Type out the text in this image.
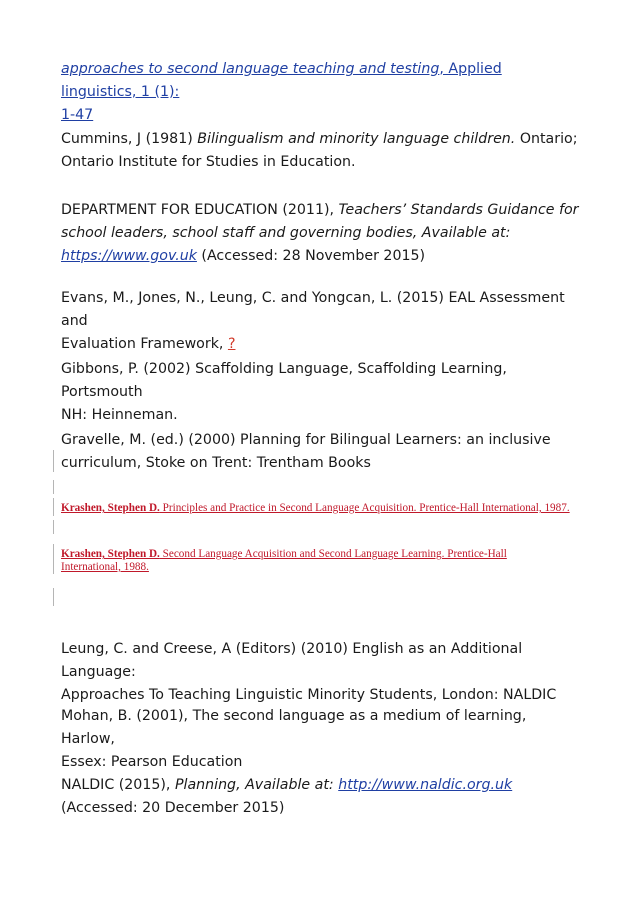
approaches to second language teaching and testing, Applied linguistics, 1 (1):
1-47

Cummins, J (1981) Bilingualism and minority language children. Ontario;
Ontario Institute for Studies in Education.

DEPARTMENT FOR EDUCATION (2011), Teachers’ Standards Guidance for
school leaders, school staff and governing bodies, Available at:
https://www.gov.uk (Accessed: 28 November 2015)

Evans, M., Jones, N., Leung, C. and Yongcan, L. (2015) EAL Assessment and
Evaluation Framework, ?

Gibbons, P. (2002) Scaffolding Language, Scaffolding Learning, Portsmouth
NH: Heinneman.

Gravelle, M. (ed.) (2000) Planning for Bilingual Learners: an inclusive
curriculum, Stoke on Trent: Trentham Books

Krashen, Stephen D. Principles and Practice in Second Language Acquisition. Prentice-Hall International, 1987.

Krashen, Stephen D. Second Language Acquisition and Second Language Learning. Prentice-Hall
International, 1988.

Leung, C. and Creese, A (Editors) (2010) English as an Additional Language:
Approaches To Teaching Linguistic Minority Students, London: NALDIC

Mohan, B. (2001), The second language as a medium of learning, Harlow,
Essex: Pearson Education

NALDIC (2015), Planning, Available at: http://www.naldic.org.uk
(Accessed: 20 December 2015)
